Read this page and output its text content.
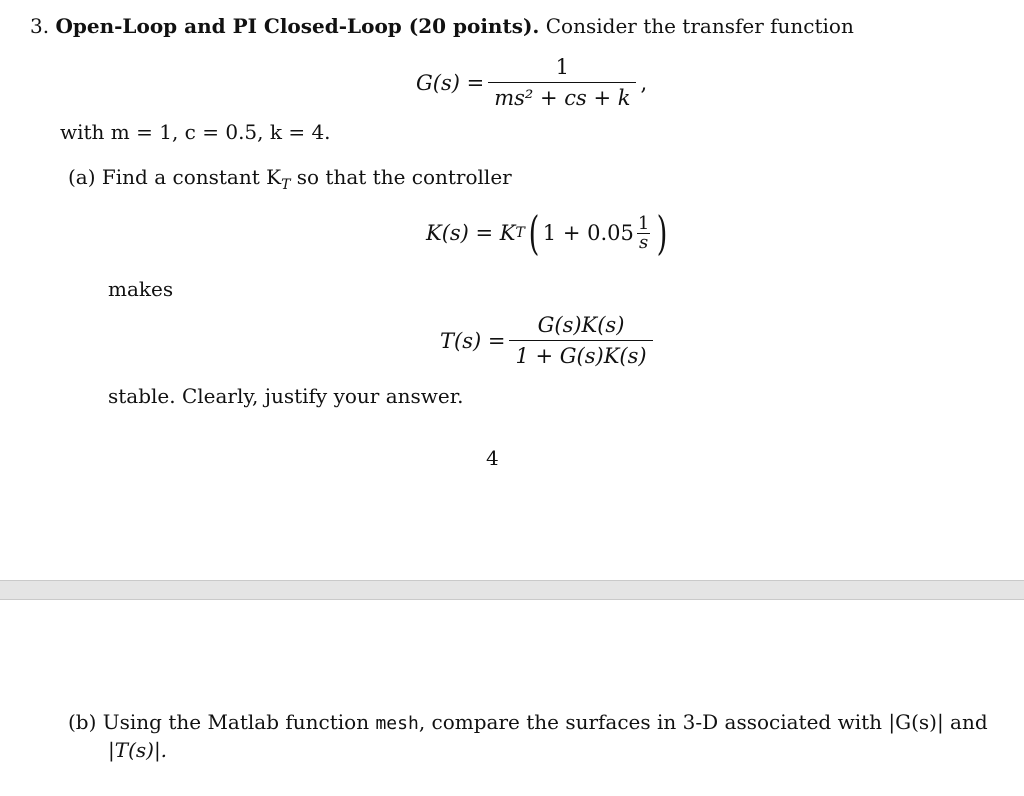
3. Open-Loop and PI Closed-Loop (20 points). Consider the transfer function
$G(s) = \frac{1}{\text{ms² + cs + k}}$ ,
with m = 1, c = 0.5, k = 4.
(a) Find a constant $K_T$ so that the controller
K(s) = K T ( $1 + 0.05 \frac{1}{s}$ )
makes
$T(s) = \frac{G(s)K(s)}{1 + G(s)K(s)}$
stable. Clearly, justify your answer.
4
(b) Using the Matlab function mesh, compare the surfaces in 3-D associated with |G(s)| and
|T(s)|.
